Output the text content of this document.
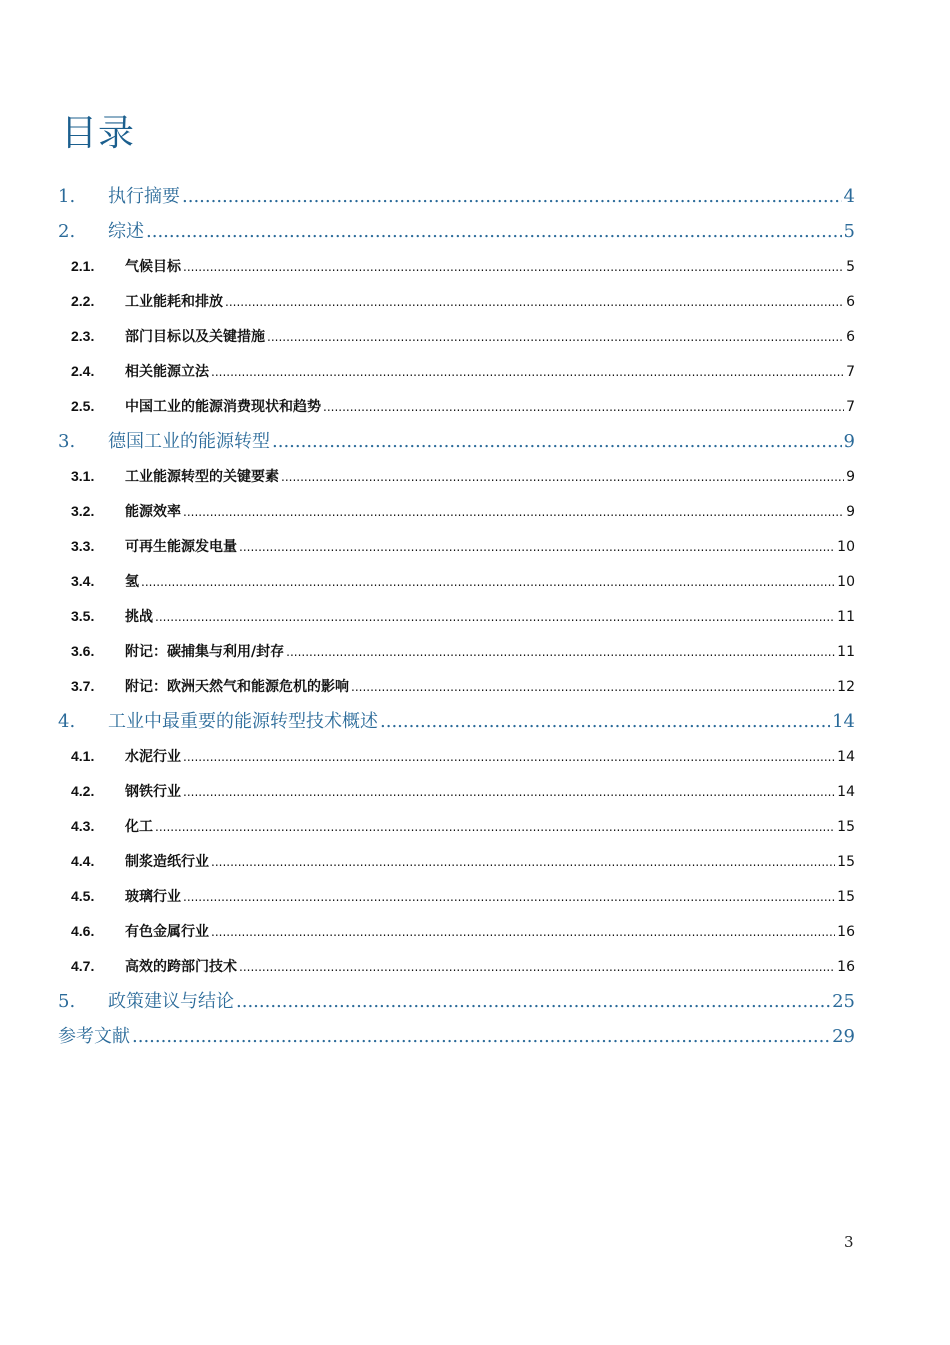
目录
1.	执行摘要 .....	4
2.	综述 .....	5
2.1.	气候目标 .....	5
2.2.	工业能耗和排放 .....	6
2.3.	部门目标以及关键措施 .....	6
2.4.	相关能源立法 .....	7
2.5.	中国工业的能源消费现状和趋势 .....	7
3.	德国工业的能源转型 .....	9
3.1.	工业能源转型的关键要素 .....	9
3.2.	能源效率 .....	9
3.3.	可再生能源发电量 .....	10
3.4.	氢 .....	10
3.5.	挑战 .....	11
3.6.	附记：碳捕集与利用/封存 .....	11
3.7.	附记：欧洲天然气和能源危机的影响 .....	12
4.	工业中最重要的能源转型技术概述 .....	14
4.1.	水泥行业 .....	14
4.2.	钢铁行业 .....	14
4.3.	化工 .....	15
4.4.	制浆造纸行业 .....	15
4.5.	玻璃行业 .....	15
4.6.	有色金属行业 .....	16
4.7.	高效的跨部门技术 .....	16
5.	政策建议与结论 .....	25
参考文献 .....	29
3
